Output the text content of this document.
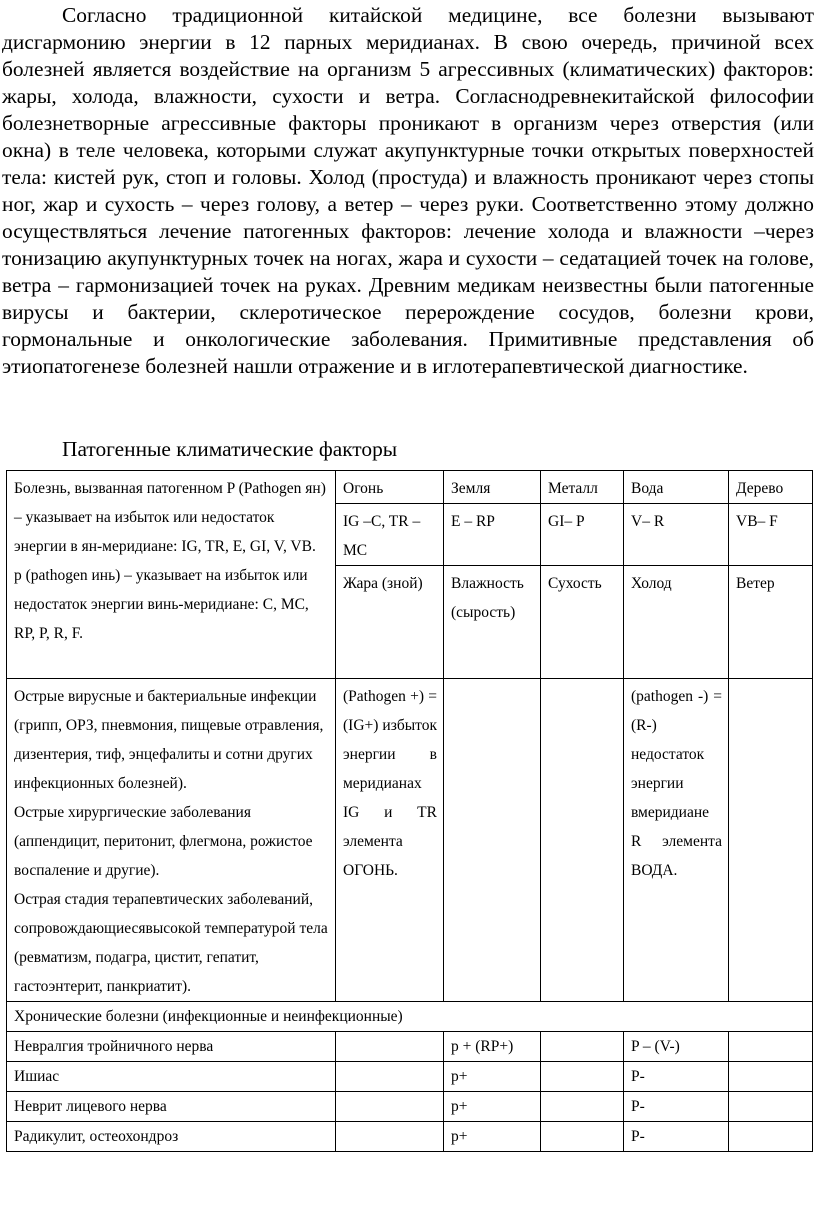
Согласно традиционной китайской медицине, все болезни вызывают дисгармонию энергии в 12 парных меридианах. В свою очередь, причиной всех болезней является воздействие на организм 5 агрессивных (климатических) факторов: жары, холода, влажности, сухости и ветра. Согласнодревнекитайской философии болезнетворные агрессивные факторы проникают в организм через отверстия (или окна) в теле человека, которыми служат акупунктурные точки открытых поверхностей тела: кистей рук, стоп и головы. Холод (простуда) и влажность проникают через стопы ног, жар и сухость – через голову, а ветер – через руки. Соответственно этому должно осуществляться лечение патогенных факторов: лечение холода и влажности –через тонизацию акупунктурных точек на ногах, жара и сухости – седатацией точек на голове, ветра – гармонизацией точек на руках. Древним медикам неизвестны были патогенные вирусы и бактерии, склеротическое перерождение сосудов, болезни крови, гормональные и онкологические заболевания. Примитивные представления об этиопатогенезе болезней нашли отражение и в иглотерапевтической диагностике.

Патогенные климатические факторы
Болезнь, вызванная патогенном P (Pathogen ян) – указывает на избыток или недостаток энергии в ян-меридиане: IG, TR, E, GI, V, VB.
p (pathogen инь) – указывает на избыток или недостаток энергии винь-меридиане: C, MC, RP, P, R, F.	Огонь	Земля	Металл	Вода	Дерево
	IG –C, TR – MC	E – RP	GI– P	V– R	VB– F
	Жара (зной)	Влажность (сырость)	Сухость	Холод	Ветер

Острые вирусные и бактериальные инфекции (грипп, ОРЗ, пневмония, пищевые отравления, дизентерия, тиф, энцефалиты и сотни других инфекционных болезней).
Острые хирургические заболевания (аппендицит, перитонит, флегмона, рожистое воспаление и другие).
Острая стадия терапевтических заболеваний, сопровождающиесявысокой температурой тела (ревматизм, подагра, цистит, гепатит, гастоэнтерит, панкриатит).	(Pathogen +) = (IG+) избыток энергии в меридианах IG и TR элемента ОГОНЬ.			(pathogen -) =(R-) недостаток энергии вмеридиане R элемента ВОДА.	
Хронические болезни (инфекционные и неинфекционные)					
Невралгия тройничного нерва		p + (RP+)		P – (V-)	
Ишиас		p+		P-	
Неврит лицевого нерва		p+		P-	
Радикулит, остеохондроз		p+		P-	
